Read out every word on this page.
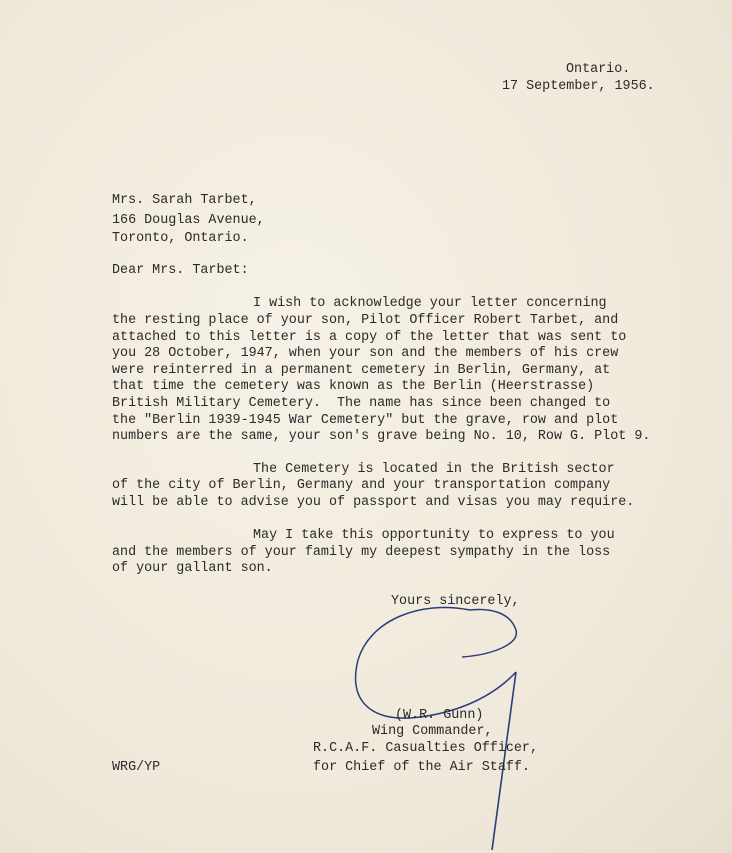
Ontario.
17 September, 1956.
Mrs. Sarah Tarbet,
166 Douglas Avenue,
Toronto, Ontario.
Dear Mrs. Tarbet:
I wish to acknowledge your letter concerning
the resting place of your son, Pilot Officer Robert Tarbet, and
attached to this letter is a copy of the letter that was sent to
you 28 October, 1947, when your son and the members of his crew
were reinterred in a permanent cemetery in Berlin, Germany, at
that time the cemetery was known as the Berlin (Heerstrasse)
British Military Cemetery.  The name has since been changed to
the "Berlin 1939-1945 War Cemetery" but the grave, row and plot
numbers are the same, your son's grave being No. 10, Row G. Plot 9.
The Cemetery is located in the British sector
of the city of Berlin, Germany and your transportation company
will be able to advise you of passport and visas you may require.
May I take this opportunity to express to you
and the members of your family my deepest sympathy in the loss
of your gallant son.
Yours sincerely,
(W.R. Gunn)
Wing Commander,
R.C.A.F. Casualties Officer,
for Chief of the Air Staff.
WRG/YP
